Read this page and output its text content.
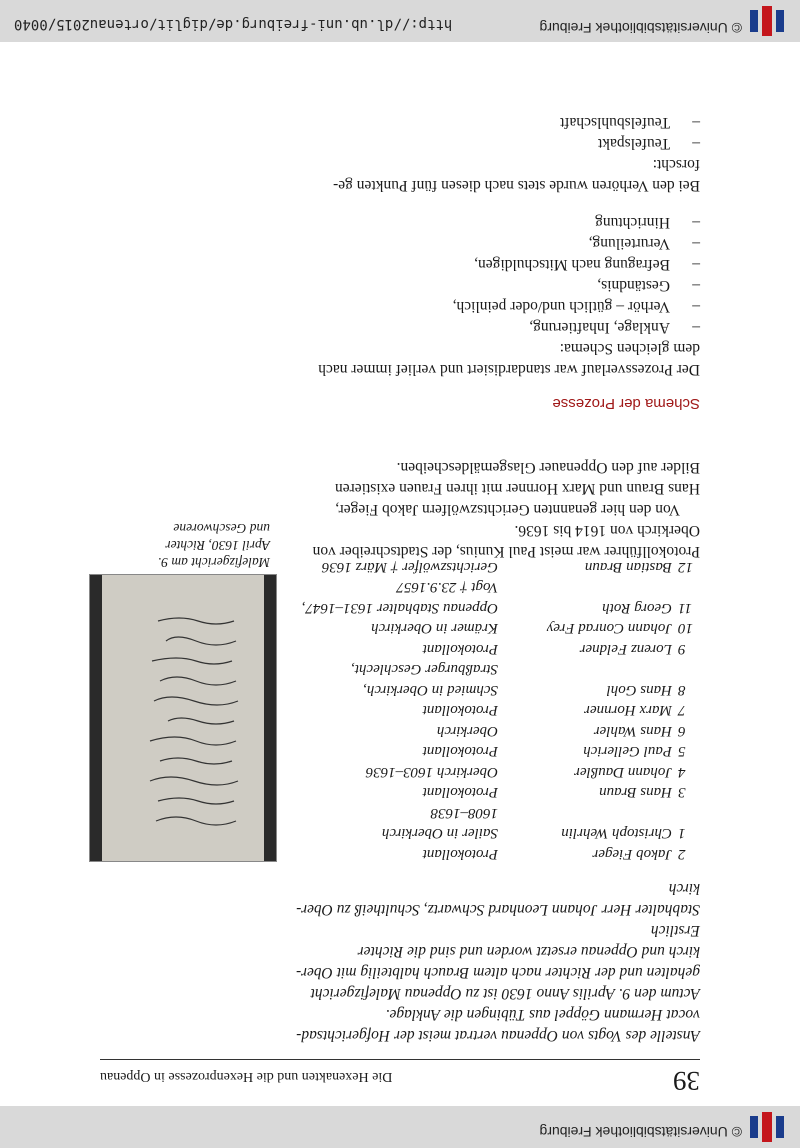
© Universitätsbibliothek Freiburg
39
Die Hexenakten und die Hexenprozesse in Oppenau
Anstelle des Vogts von Oppenau vertrat meist der Hofgerichtsad-
vocat Hermann Göppel aus Tübingen die Anklage.
Actum den 9. Aprilis Anno 1630 ist zu Oppenau Malefizgericht
gehalten und der Richter nach altem Brauch halbteilig mit Ober-
kirch und Oppenau ersetzt worden und sind die Richter
Erstlich
Stabhalter Herr Johann Leonhard Schwartz, Schultheiß zu Ober-
kirch
2
Jakob Fieger
Protokollant
1
Christoph Wehrlin
Sailer in Oberkirch
1608–1638
3
Hans Braun
Protokollant
4
Johann Daußler
Oberkirch 1603–1636
5
Paul Gellerich
Protokollant
6
Hans Wahler
Oberkirch
7
Marx Hornner
Protokollant
8
Hans Gohl
Schmied in Oberkirch,
Straßburger Geschlecht,
9
Lorenz Feldner
Protokollant
10
Johann Conrad Frey
Krämer in Oberkirch
11
Georg Roth
Oppenau Stabhalter 1631–1647,
Vogt † 23.9.1657
12
Bastian Braun
Gerichtszwölfer † März 1636
Malefizgericht am 9.
April 1630, Richter
und Geschworene
Protokollführer war meist Paul Kunius, der Stadtschreiber von
Oberkirch von 1614 bis 1636.
Von den hier genannten Gerichtszwölfern Jakob Fieger,
Hans Braun und Marx Hornner mit ihren Frauen existieren
Bilder auf den Oppenauer Glasgemäldescheiben.
Schema der Prozesse
Der Prozessverlauf war standardisiert und verlief immer nach
dem gleichen Schema:
– Anklage, Inhaftierung,
– Verhör – gütlich und/oder peinlich,
– Geständnis,
– Befragung nach Mitschuldigen,
– Verurteilung,
– Hinrichtung
Bei den Verhören wurde stets nach diesen fünf Punkten ge-
forscht:
– Teufelspakt
– Teufelsbuhlschaft
© Universitätsbibliothek Freiburg
http://dl.ub.uni-freiburg.de/diglit/ortenau2015/0040
